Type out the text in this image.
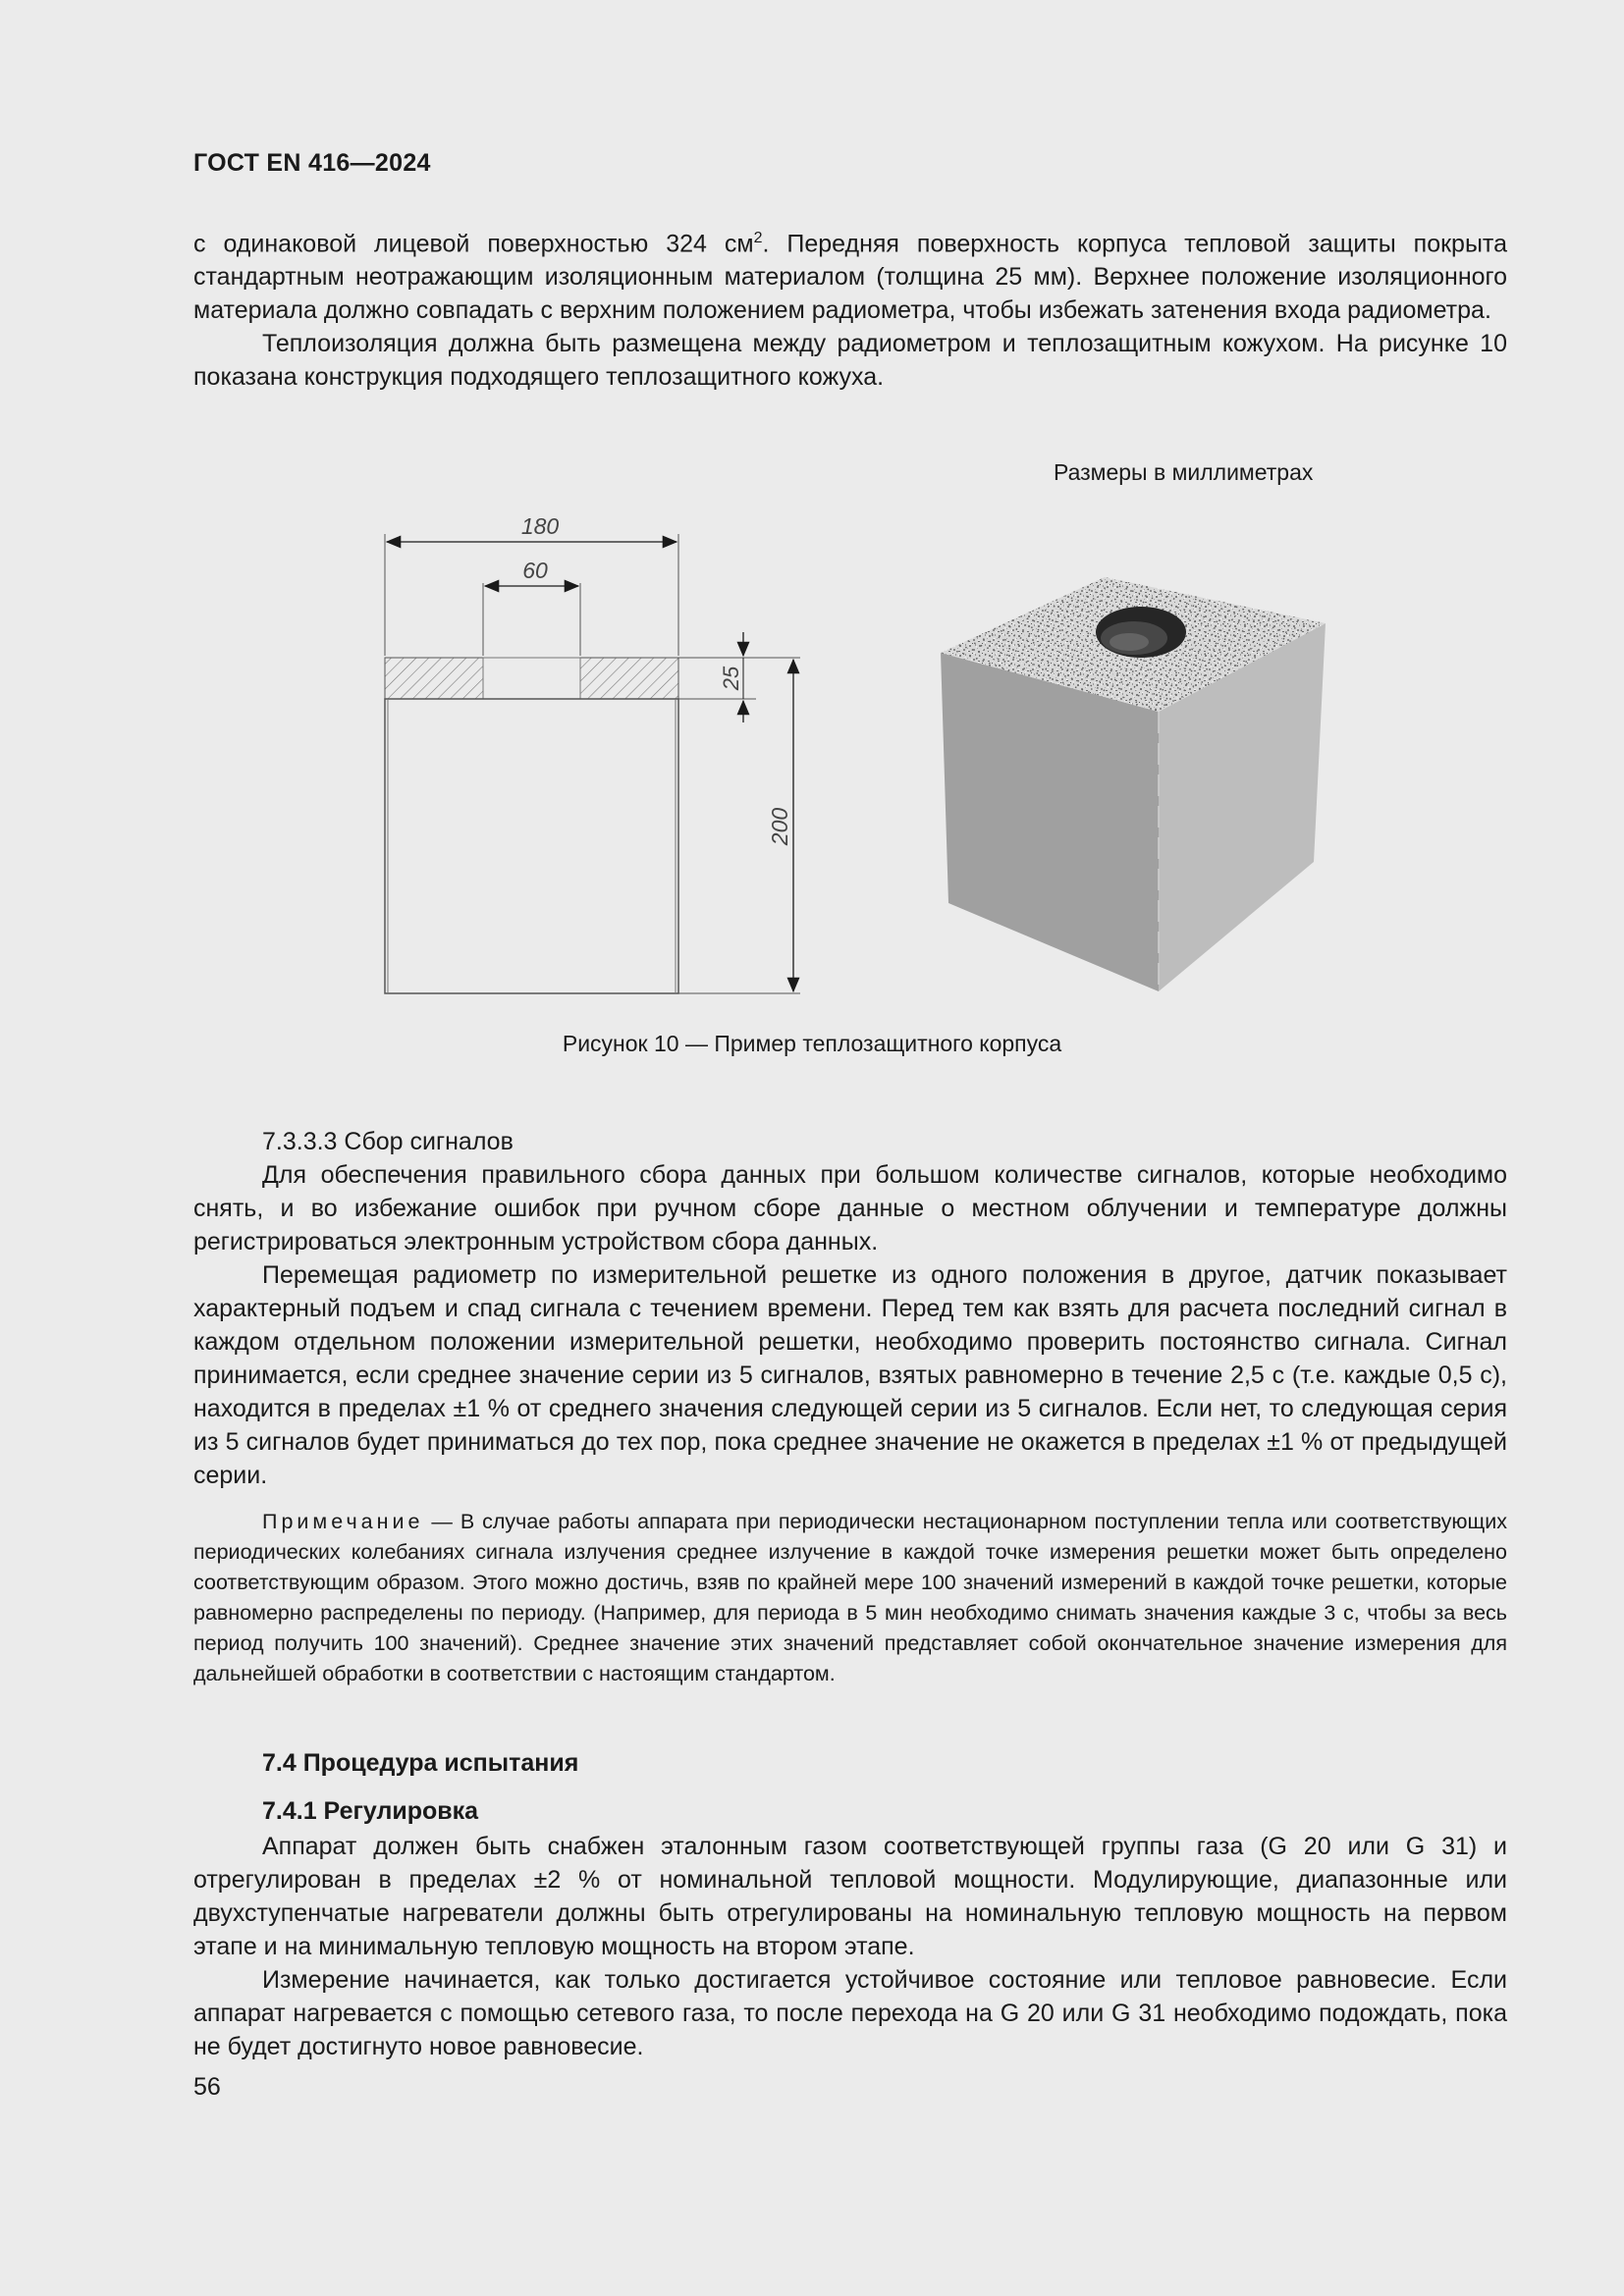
ГОСТ EN 416—2024

с одинаковой лицевой поверхностью 324 $см^2$. Передняя поверхность корпуса тепловой защиты покрыта стандартным неотражающим изоляционным материалом (толщина 25 мм). Верхнее положение изоляционного материала должно совпадать с верхним положением радиометра, чтобы избежать затенения входа радиометра.

Теплоизоляция должна быть размещена между радиометром и теплозащитным кожухом. На рисунке 10 показана конструкция подходящего теплозащитного кожуха.

Размеры в миллиметрах
180
60
25
200
Рисунок 10 — Пример теплозащитного корпуса

7.3.3.3 Сбор сигналов

Для обеспечения правильного сбора данных при большом количестве сигналов, которые необходимо снять, и во избежание ошибок при ручном сборе данные о местном облучении и температуре должны регистрироваться электронным устройством сбора данных.

Перемещая радиометр по измерительной решетке из одного положения в другое, датчик показывает характерный подъем и спад сигнала с течением времени. Перед тем как взять для расчета последний сигнал в каждом отдельном положении измерительной решетки, необходимо проверить постоянство сигнала. Сигнал принимается, если среднее значение серии из 5 сигналов, взятых равномерно в течение 2,5 с (т.е. каждые 0,5 с), находится в пределах ±1 % от среднего значения следующей серии из 5 сигналов. Если нет, то следующая серия из 5 сигналов будет приниматься до тех пор, пока среднее значение не окажется в пределах ±1 % от предыдущей серии.

Примечание — В случае работы аппарата при периодически нестационарном поступлении тепла или соответствующих периодических колебаниях сигнала излучения среднее излучение в каждой точке измерения решетки может быть определено соответствующим образом. Этого можно достичь, взяв по крайней мере 100 значений измерений в каждой точке решетки, которые равномерно распределены по периоду. (Например, для периода в 5 мин необходимо снимать значения каждые 3 с, чтобы за весь период получить 100 значений). Среднее значение этих значений представляет собой окончательное значение измерения для дальнейшей обработки в соответствии с настоящим стандартом.

7.4 Процедура испытания
7.4.1 Регулировка

Аппарат должен быть снабжен эталонным газом соответствующей группы газа (G 20 или G 31) и отрегулирован в пределах ±2 % от номинальной тепловой мощности. Модулирующие, диапазонные или двухступенчатые нагреватели должны быть отрегулированы на номинальную тепловую мощность на первом этапе и на минимальную тепловую мощность на втором этапе.

Измерение начинается, как только достигается устойчивое состояние или тепловое равновесие. Если аппарат нагревается с помощью сетевого газа, то после перехода на G 20 или G 31 необходимо подождать, пока не будет достигнуто новое равновесие.

56
